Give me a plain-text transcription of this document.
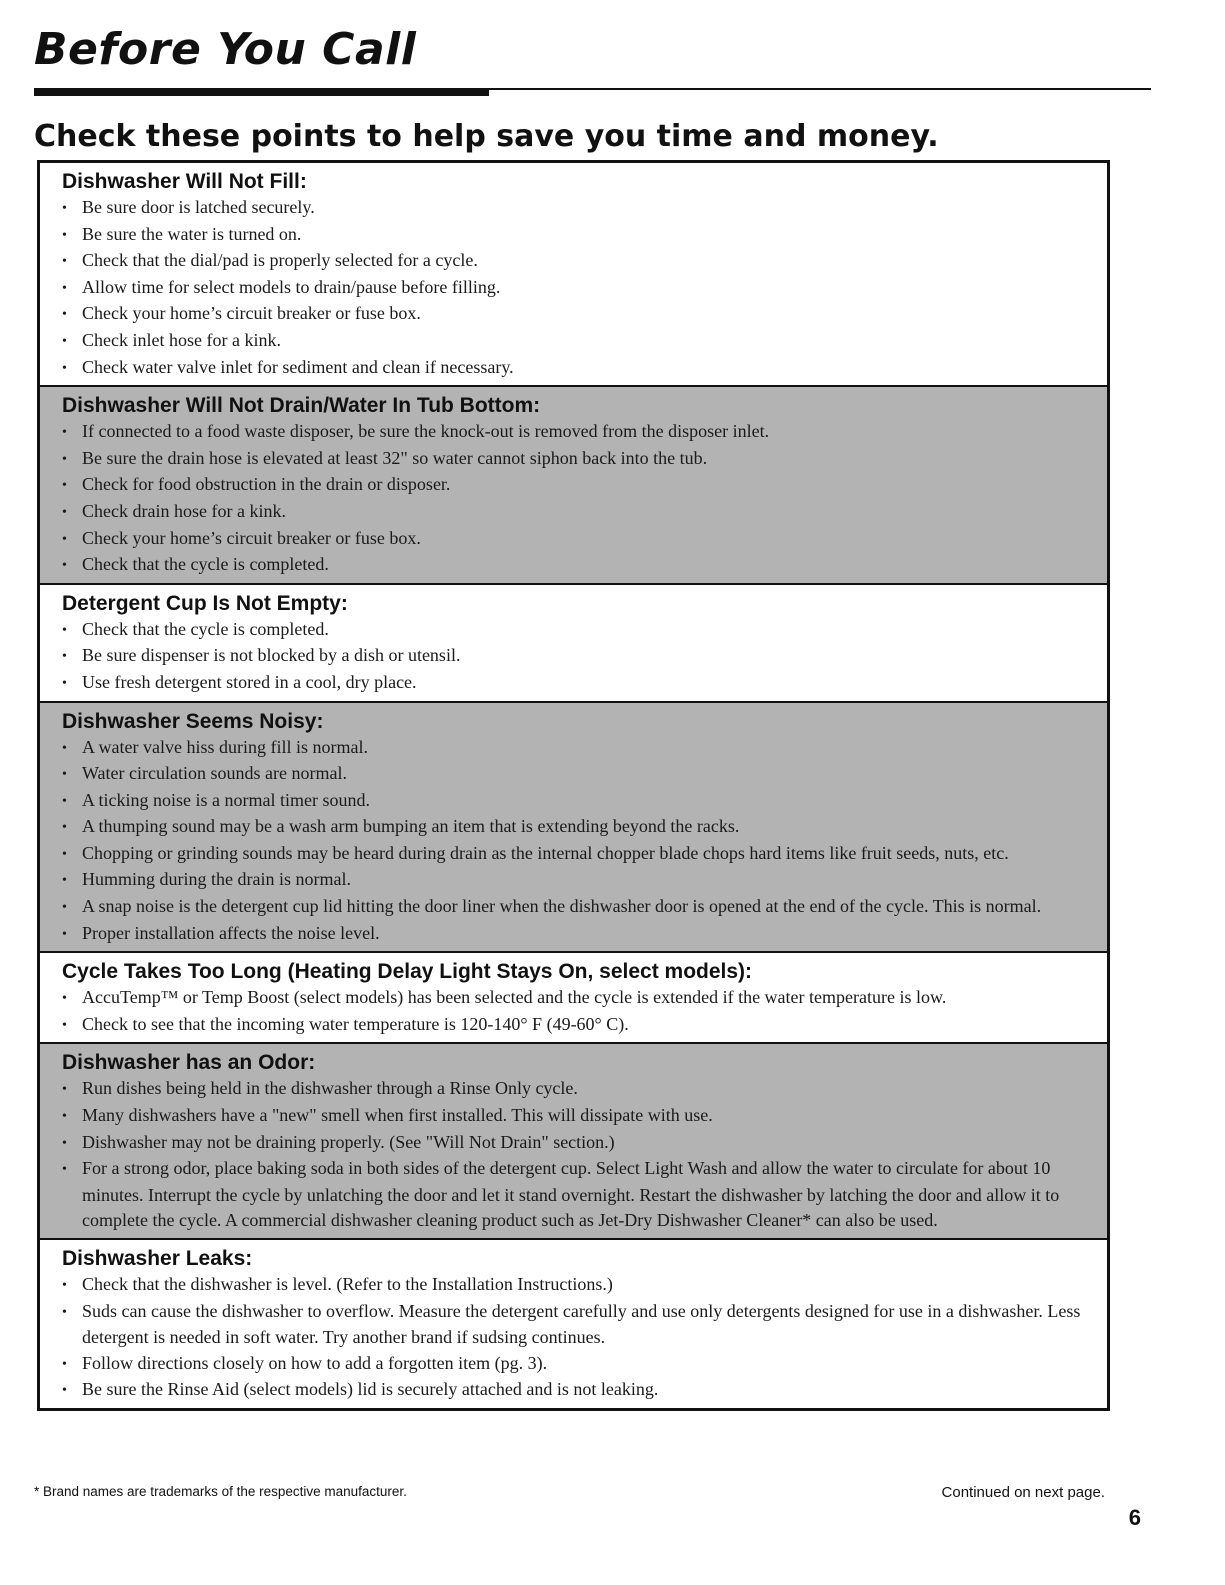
Before You Call
Check these points to help save you time and money.
Dishwasher Will Not Fill:
• Be sure door is latched securely.
• Be sure the water is turned on.
• Check that the dial/pad is properly selected for a cycle.
• Allow time for select models to drain/pause before filling.
• Check your home’s circuit breaker or fuse box.
• Check inlet hose for a kink.
• Check water valve inlet for sediment and clean if necessary.
Dishwasher Will Not Drain/Water In Tub Bottom:
• If connected to a food waste disposer, be sure the knock-out is removed from the disposer inlet.
• Be sure the drain hose is elevated at least 32" so water cannot siphon back into the tub.
• Check for food obstruction in the drain or disposer.
• Check drain hose for a kink.
• Check your home’s circuit breaker or fuse box.
• Check that the cycle is completed.
Detergent Cup Is Not Empty:
• Check that the cycle is completed.
• Be sure dispenser is not blocked by a dish or utensil.
• Use fresh detergent stored in a cool, dry place.
Dishwasher Seems Noisy:
• A water valve hiss during fill is normal.
• Water circulation sounds are normal.
• A ticking noise is a normal timer sound.
• A thumping sound may be a wash arm bumping an item that is extending beyond the racks.
• Chopping or grinding sounds may be heard during drain as the internal chopper blade chops hard items like fruit seeds, nuts, etc.
• Humming during the drain is normal.
• A snap noise is the detergent cup lid hitting the door liner when the dishwasher door is opened at the end of the cycle. This is normal.
• Proper installation affects the noise level.
Cycle Takes Too Long (Heating Delay Light Stays On, select models):
• AccuTemp™ or Temp Boost (select models) has been selected and the cycle is extended if the water temperature is low.
• Check to see that the incoming water temperature is 120-140° F (49-60° C).
Dishwasher has an Odor:
• Run dishes being held in the dishwasher through a Rinse Only cycle.
• Many dishwashers have a "new" smell when first installed. This will dissipate with use.
• Dishwasher may not be draining properly. (See "Will Not Drain" section.)
• For a strong odor, place baking soda in both sides of the detergent cup. Select Light Wash and allow the water to circulate for about 10 minutes. Interrupt the cycle by unlatching the door and let it stand overnight. Restart the dishwasher by latching the door and allow it to complete the cycle. A commercial dishwasher cleaning product such as Jet-Dry Dishwasher Cleaner* can also be used.
Dishwasher Leaks:
• Check that the dishwasher is level. (Refer to the Installation Instructions.)
• Suds can cause the dishwasher to overflow. Measure the detergent carefully and use only detergents designed for use in a dishwasher. Less detergent is needed in soft water. Try another brand if sudsing continues.
• Follow directions closely on how to add a forgotten item (pg. 3).
• Be sure the Rinse Aid (select models) lid is securely attached and is not leaking.
* Brand names are trademarks of the respective manufacturer.	Continued on next page.
6
